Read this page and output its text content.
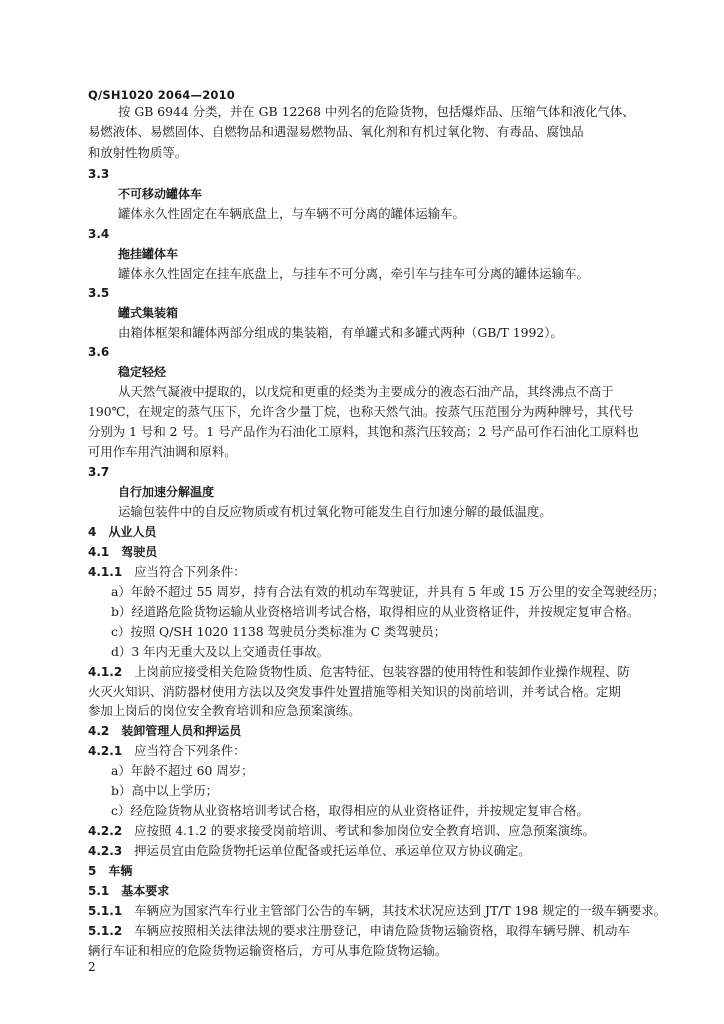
Q/SH1020 2064—2010
按 GB 6944 分类，并在 GB 12268 中列名的危险货物，包括爆炸品、压缩气体和液化气体、
易燃液体、易燃固体、自燃物品和遇湿易燃物品、氧化剂和有机过氧化物、有毒品、腐蚀品
和放射性物质等。
3.3
不可移动罐体车
罐体永久性固定在车辆底盘上，与车辆不可分离的罐体运输车。
3.4
拖挂罐体车
罐体永久性固定在挂车底盘上，与挂车不可分离，牵引车与挂车可分离的罐体运输车。
3.5
罐式集装箱
由箱体框架和罐体两部分组成的集装箱，有单罐式和多罐式两种（GB/T 1992）。
3.6
稳定轻烃
从天然气凝液中提取的，以戊烷和更重的烃类为主要成分的液态石油产品，其终沸点不高于
190℃，在规定的蒸气压下，允许含少量丁烷，也称天然气油。按蒸气压范围分为两种牌号，其代号
分别为 1 号和 2 号。1 号产品作为石油化工原料，其饱和蒸汽压较高；2 号产品可作石油化工原料也
可用作车用汽油调和原料。
3.7
自行加速分解温度
运输包装件中的自反应物质或有机过氧化物可能发生自行加速分解的最低温度。
4 从业人员
4.1 驾驶员
4.1.1 应当符合下列条件：
a）年龄不超过 55 周岁，持有合法有效的机动车驾驶证，并具有 5 年或 15 万公里的安全驾驶经历；
b）经道路危险货物运输从业资格培训考试合格，取得相应的从业资格证件，并按规定复审合格。
c）按照 Q/SH 1020 1138 驾驶员分类标准为 C 类驾驶员；
d）3 年内无重大及以上交通责任事故。
4.1.2 上岗前应接受相关危险货物性质、危害特征、包装容器的使用特性和装卸作业操作规程、防
火灭火知识、消防器材使用方法以及突发事件处置措施等相关知识的岗前培训，并考试合格。定期
参加上岗后的岗位安全教育培训和应急预案演练。
4.2 装卸管理人员和押运员
4.2.1 应当符合下列条件：
a）年龄不超过 60 周岁；
b）高中以上学历；
c）经危险货物从业资格培训考试合格，取得相应的从业资格证件，并按规定复审合格。
4.2.2 应按照 4.1.2 的要求接受岗前培训、考试和参加岗位安全教育培训、应急预案演练。
4.2.3 押运员宜由危险货物托运单位配备或托运单位、承运单位双方协议确定。
5 车辆
5.1 基本要求
5.1.1 车辆应为国家汽车行业主管部门公告的车辆，其技术状况应达到 JT/T 198 规定的一级车辆要求。
5.1.2 车辆应按照相关法律法规的要求注册登记，申请危险货物运输资格，取得车辆号牌、机动车
辆行车证和相应的危险货物运输资格后，方可从事危险货物运输。
2
